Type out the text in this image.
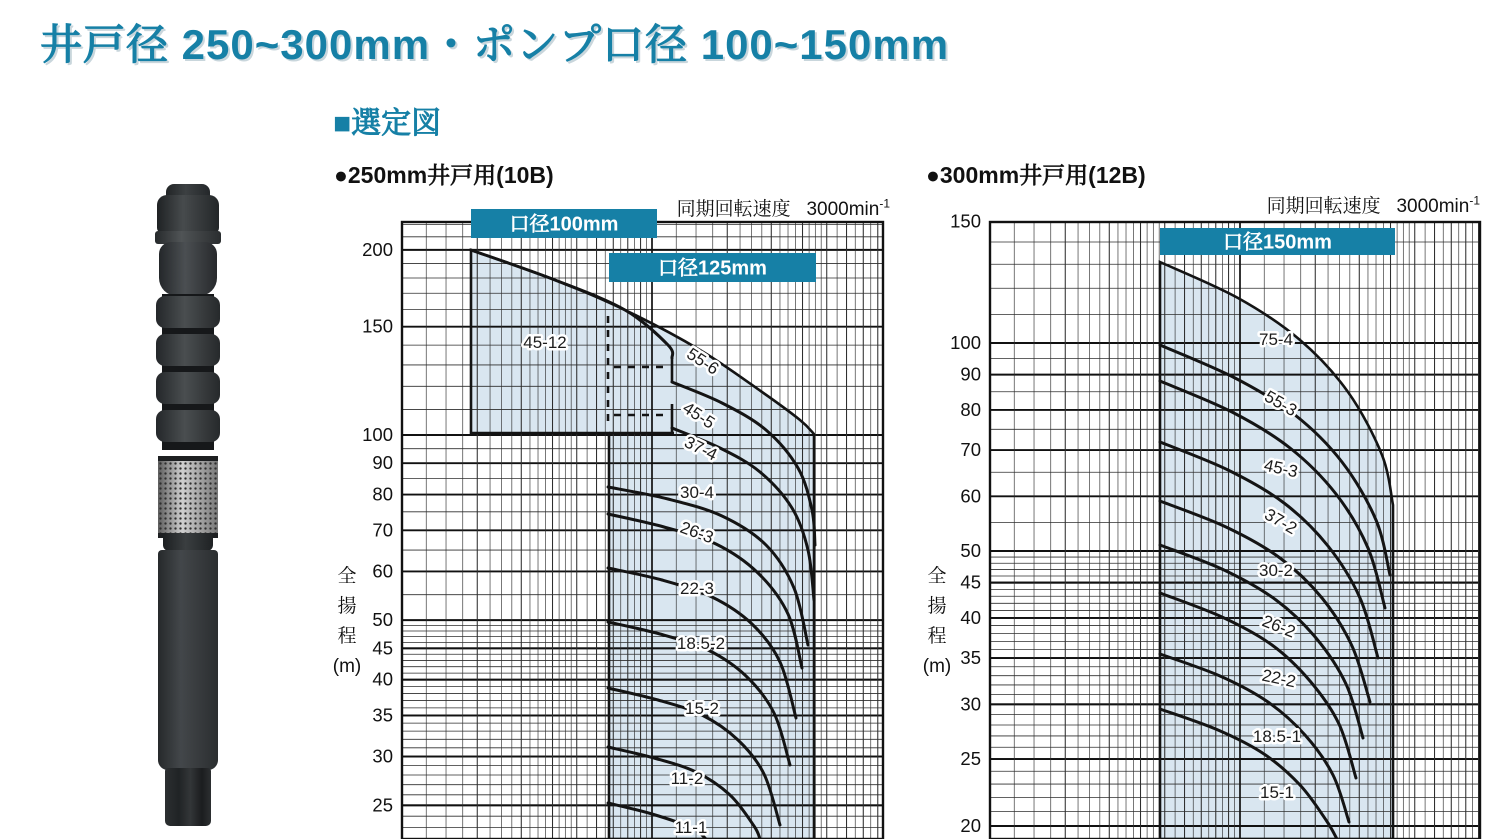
井戸径 250~300mm・ポンプ口径 100~150mm
■選定図
●250mm井戸用(10B)	●300mm井戸用(12B)
同期回転速度 $3000\min^{-1}$	同期回転速度 $3000\min^{-1}$
全
揚
程
(m)
全
揚
程
(m)
45-12
55-6
45-5
37-4
30-4
26-3
22-3
18.5-2
15-2
11-2
11-1
200
150
100
90
80
70
60
50
45
40
35
30
25
口径100mm
口径125mm
75-4
55-3
45-3
37-2
30-2
26-2
22-2
18.5-1
15-1
150
100
90
80
70
60
50
45
40
35
30
25
20
口径150mm
